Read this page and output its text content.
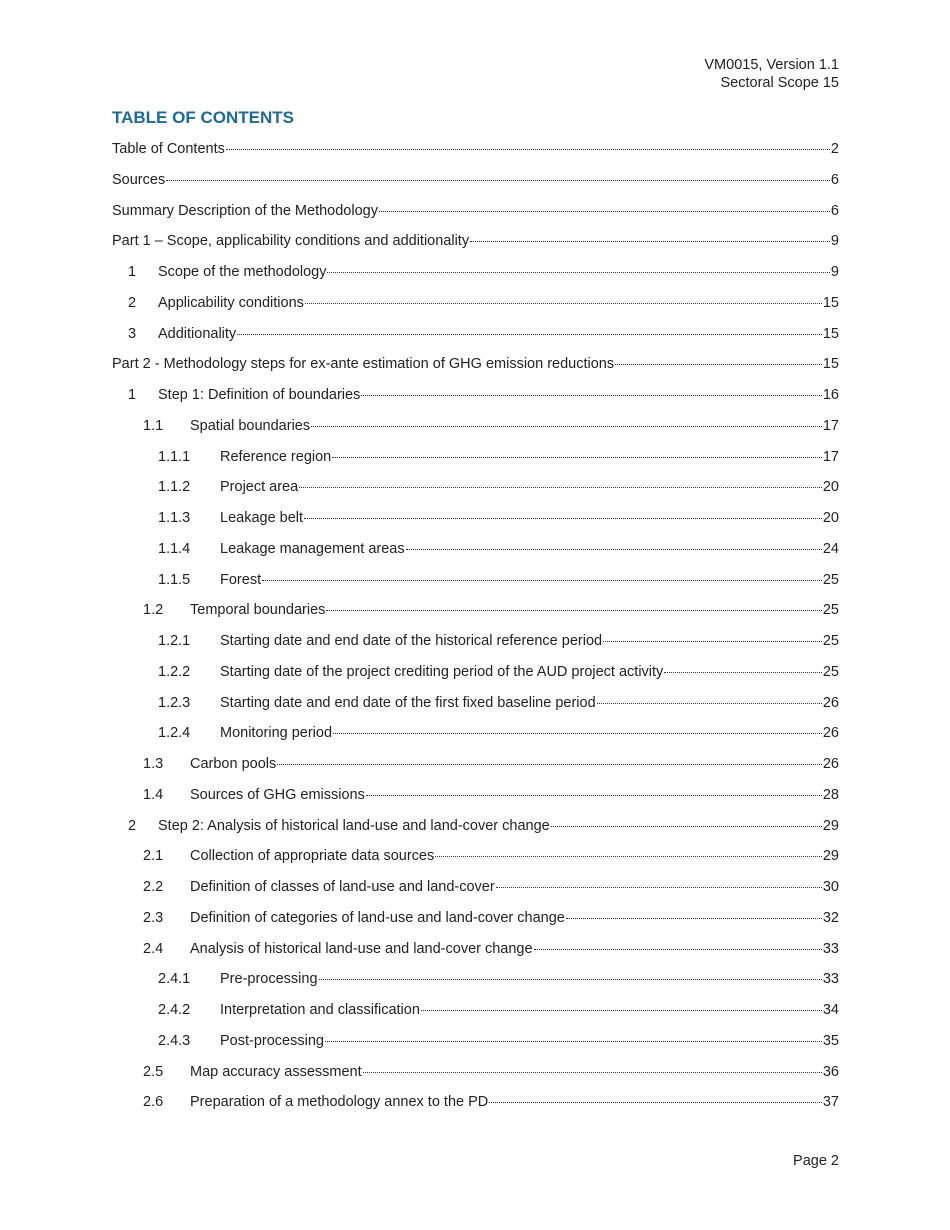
VM0015, Version 1.1
Sectoral Scope 15
TABLE OF CONTENTS
Table of Contents	2
Sources	6
Summary Description of the Methodology	6
Part 1 – Scope, applicability conditions and additionality	9
1	Scope of the methodology	9
2	Applicability conditions	15
3	Additionality	15
Part 2 - Methodology steps for ex-ante estimation of GHG emission reductions	15
1	Step 1: Definition of boundaries	16
1.1	Spatial boundaries	17
1.1.1	Reference region	17
1.1.2	Project area	20
1.1.3	Leakage belt	20
1.1.4	Leakage management areas	24
1.1.5	Forest	25
1.2	Temporal boundaries	25
1.2.1	Starting date and end date of the historical reference period	25
1.2.2	Starting date of the project crediting period of the AUD project activity	25
1.2.3	Starting date and end date of the first fixed baseline period	26
1.2.4	Monitoring period	26
1.3	Carbon pools	26
1.4	Sources of GHG emissions	28
2	Step 2: Analysis of historical land-use and land-cover change	29
2.1	Collection of appropriate data sources	29
2.2	Definition of classes of land-use and land-cover	30
2.3	Definition of categories of land-use and land-cover change	32
2.4	Analysis of historical land-use and land-cover change	33
2.4.1	Pre-processing	33
2.4.2	Interpretation and classification	34
2.4.3	Post-processing	35
2.5	Map accuracy assessment	36
2.6	Preparation of a methodology annex to the PD	37
Page 2
